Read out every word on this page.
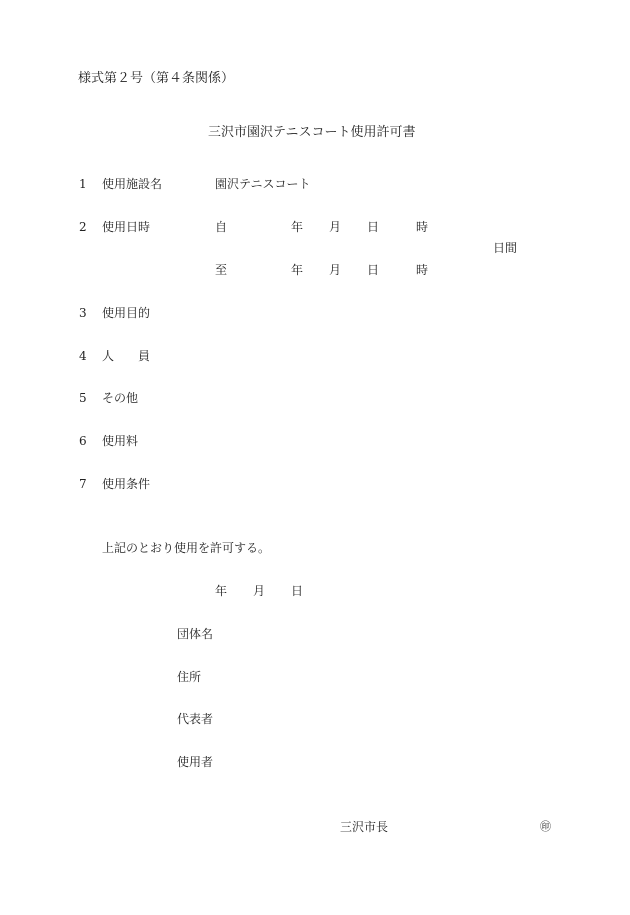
様式第２号（第４条関係）
三沢市園沢テニスコート使用許可書
1 使用施設名	園沢テニスコート
2 使用日時	自	年 月 日	時
日間
至	年 月 日	時
3 使用目的
4 人　　員
5 その他
6 使用料
7 使用条件
上記のとおり使用を許可する。
年 月 日
団体名
住所
代表者
使用者
三沢市長	㊞
